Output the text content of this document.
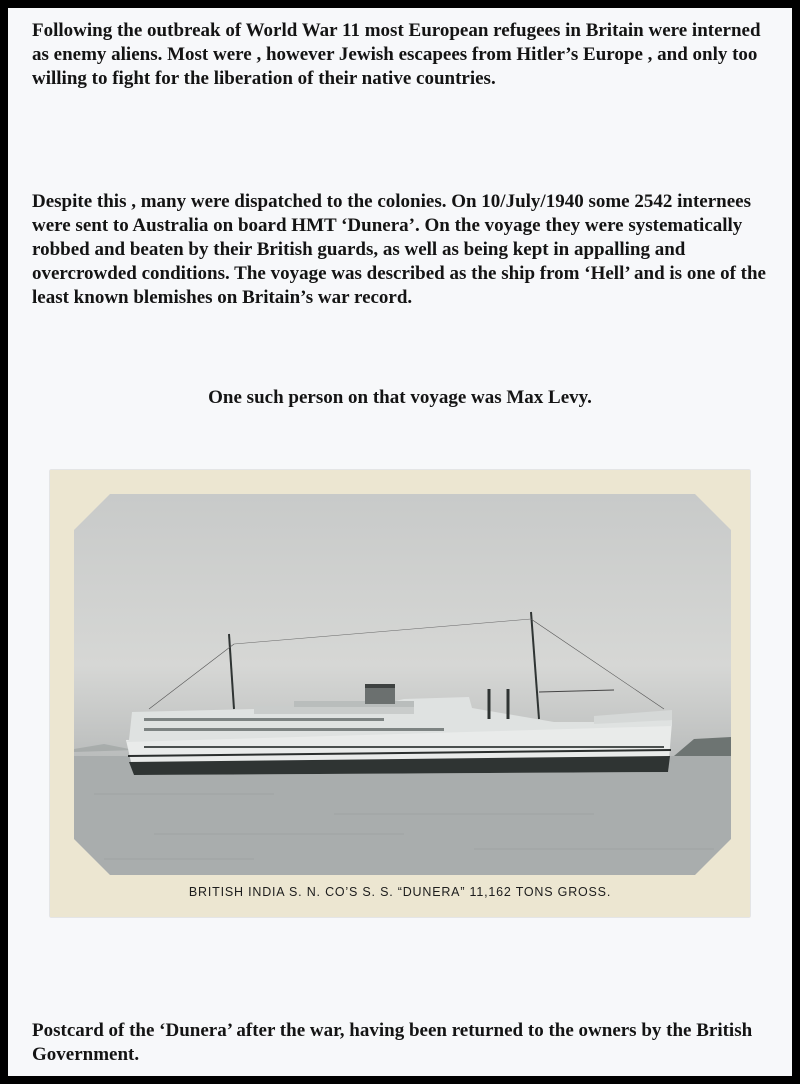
Following the outbreak of World War 11 most European refugees in Britain were interned as enemy aliens. Most were , however Jewish escapees from Hitler’s Europe , and only too willing to fight for the liberation of their native countries.

Despite this , many were dispatched to the colonies. On 10/July/1940 some 2542 internees were sent to Australia on board HMT ‘Dunera’. On the voyage they were systematically robbed and beaten by their British guards, as well as being kept in appalling and overcrowded conditions. The voyage was described as the ship from ‘Hell’ and is one of the least known blemishes on Britain’s war record.

One such person on that voyage was Max Levy.

BRITISH INDIA S. N. CO’S S. S. “DUNERA” 11,162 TONS GROSS.

Postcard of the ‘Dunera’ after the war, having been returned to the owners by the British Government.
